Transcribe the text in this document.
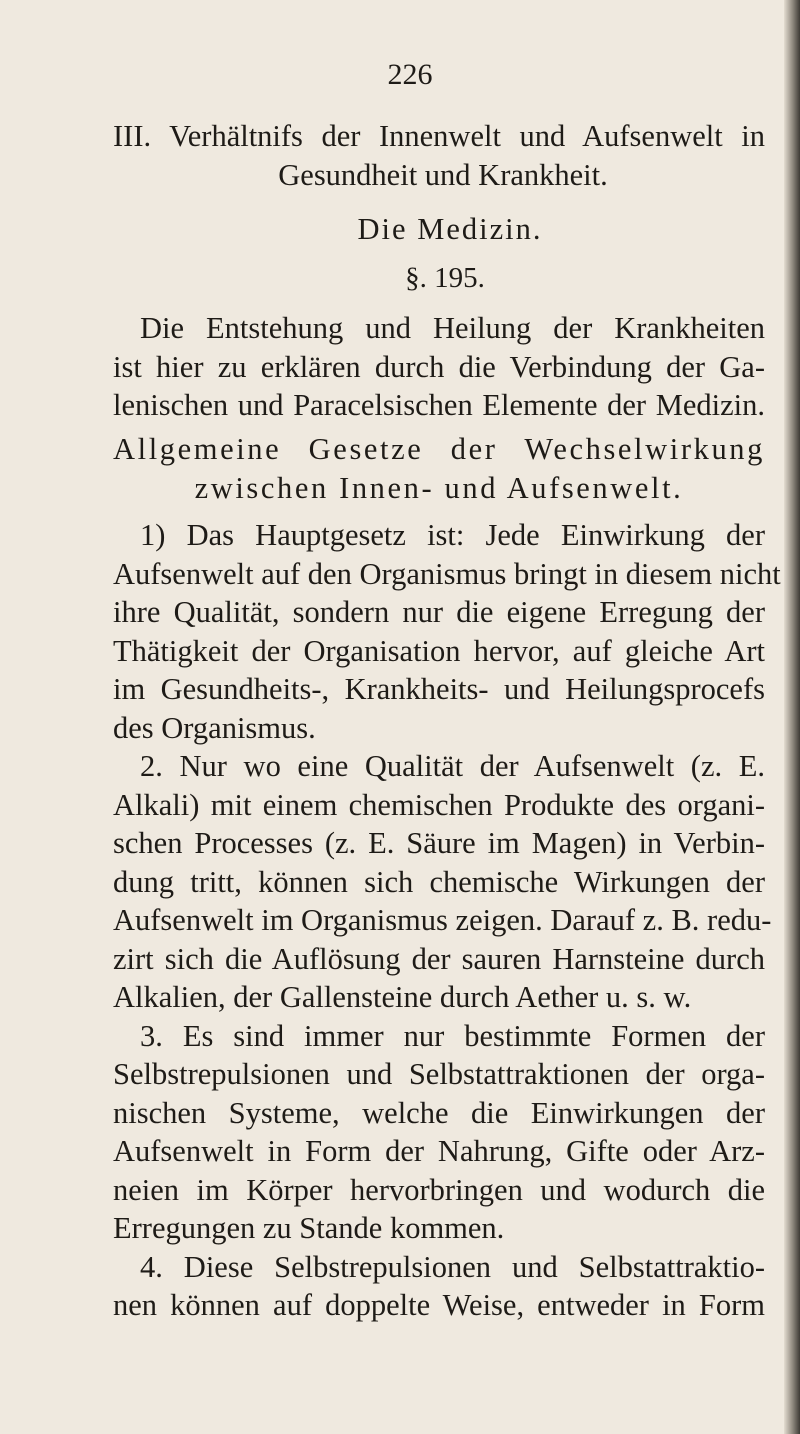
226
III. Verhältnifs der Innenwelt und Aufsenwelt in
Gesundheit und Krankheit.
Die Medizin.
§. 195.
Die Entstehung und Heilung der Krankheiten
ist hier zu erklären durch die Verbindung der Ga-
lenischen und Paracelsischen Elemente der Medizin.
Allgemeine Gesetze der Wechselwirkung
zwischen Innen- und Aufsenwelt.
1) Das Hauptgesetz ist: Jede Einwirkung der
Aufsenwelt auf den Organismus bringt in diesem nicht
ihre Qualität, sondern nur die eigene Erregung der
Thätigkeit der Organisation hervor, auf gleiche Art
im Gesundheits-, Krankheits- und Heilungsprocefs
des Organismus.
2. Nur wo eine Qualität der Aufsenwelt (z. E.
Alkali) mit einem chemischen Produkte des organi-
schen Processes (z. E. Säure im Magen) in Verbin-
dung tritt, können sich chemische Wirkungen der
Aufsenwelt im Organismus zeigen. Darauf z. B. redu-
zirt sich die Auflösung der sauren Harnsteine durch
Alkalien, der Gallensteine durch Aether u. s. w.
3. Es sind immer nur bestimmte Formen der
Selbstrepulsionen und Selbstattraktionen der orga-
nischen Systeme, welche die Einwirkungen der
Aufsenwelt in Form der Nahrung, Gifte oder Arz-
neien im Körper hervorbringen und wodurch die
Erregungen zu Stande kommen.
4. Diese Selbstrepulsionen und Selbstattraktio-
nen können auf doppelte Weise, entweder in Form
